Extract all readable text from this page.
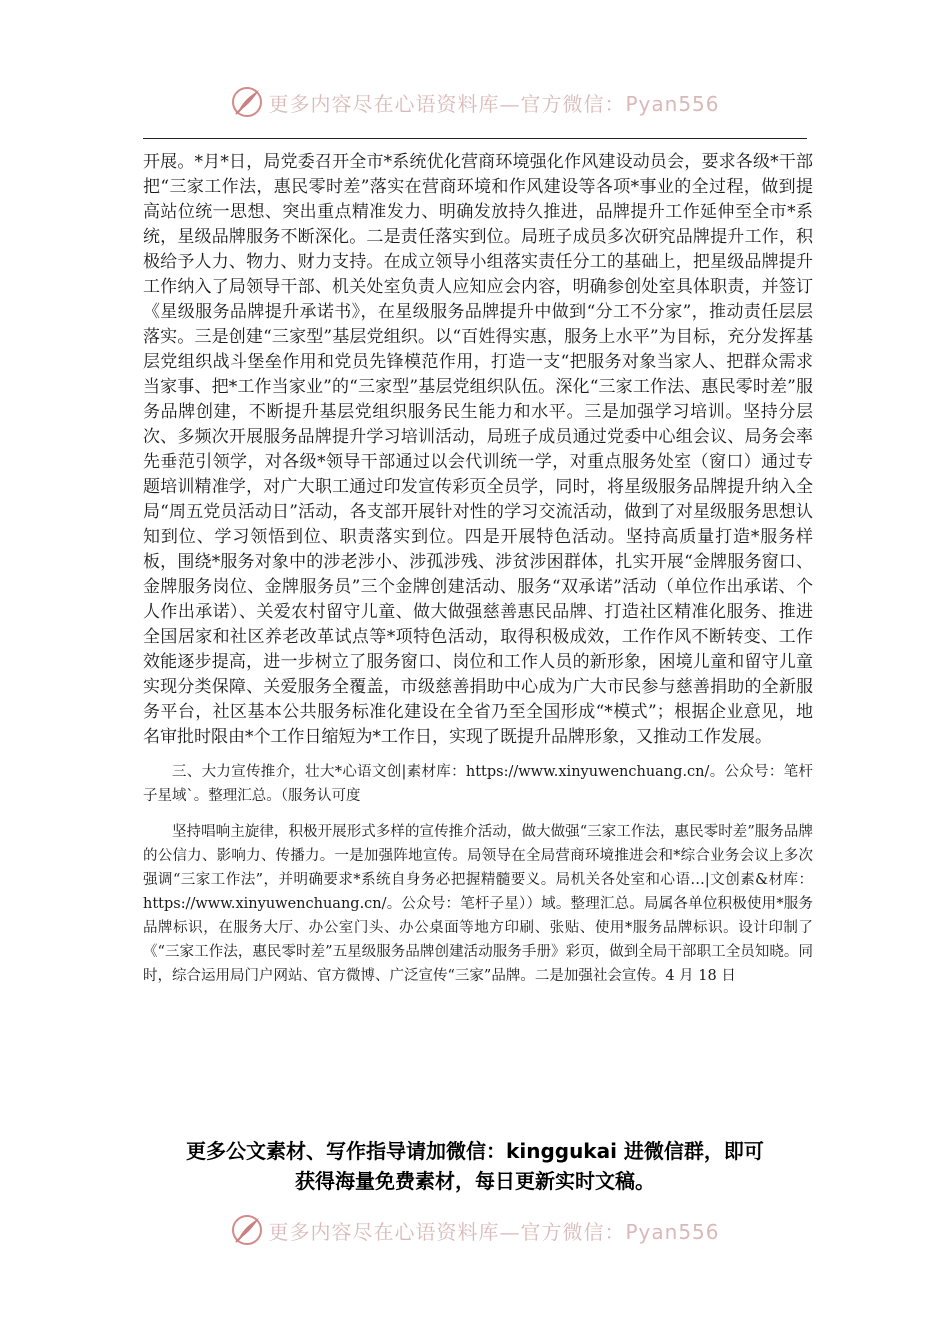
更多内容尽在心语资料库—官方微信：Pyan556

开展。*月*日，局党委召开全市*系统优化营商环境强化作风建设动员会，要求各级*干部把“三家工作法，惠民零时差”落实在营商环境和作风建设等各项*事业的全过程，做到提高站位统一思想、突出重点精准发力、明确发放持久推进，品牌提升工作延伸至全市*系统，星级品牌服务不断深化。二是责任落实到位。局班子成员多次研究品牌提升工作，积极给予人力、物力、财力支持。在成立领导小组落实责任分工的基础上，把星级品牌提升工作纳入了局领导干部、机关处室负责人应知应会内容，明确参创处室具体职责，并签订《星级服务品牌提升承诺书》，在星级服务品牌提升中做到“分工不分家”，推动责任层层落实。三是创建“三家型”基层党组织。以“百姓得实惠，服务上水平”为目标，充分发挥基层党组织战斗堡垒作用和党员先锋模范作用，打造一支“把服务对象当家人、把群众需求当家事、把*工作当家业”的“三家型”基层党组织队伍。深化“三家工作法、惠民零时差”服务品牌创建，不断提升基层党组织服务民生能力和水平。三是加强学习培训。坚持分层次、多频次开展服务品牌提升学习培训活动，局班子成员通过党委中心组会议、局务会率先垂范引领学，对各级*领导干部通过以会代训统一学，对重点服务处室（窗口）通过专题培训精准学，对广大职工通过印发宣传彩页全员学，同时，将星级服务品牌提升纳入全局“周五党员活动日”活动，各支部开展针对性的学习交流活动，做到了对星级服务思想认知到位、学习领悟到位、职责落实到位。四是开展特色活动。坚持高质量打造*服务样板，围绕*服务对象中的涉老涉小、涉孤涉残、涉贫涉困群体，扎实开展“金牌服务窗口、金牌服务岗位、金牌服务员”三个金牌创建活动、服务“双承诺”活动（单位作出承诺、个人作出承诺）、关爱农村留守儿童、做大做强慈善惠民品牌、打造社区精准化服务、推进全国居家和社区养老改革试点等*项特色活动，取得积极成效，工作作风不断转变、工作效能逐步提高，进一步树立了服务窗口、岗位和工作人员的新形象，困境儿童和留守儿童实现分类保障、关爱服务全覆盖，市级慈善捐助中心成为广大市民参与慈善捐助的全新服务平台，社区基本公共服务标准化建设在全省乃至全国形成“*模式”；根据企业意见，地名审批时限由*个工作日缩短为*工作日，实现了既提升品牌形象，又推动工作发展。

三、大力宣传推介，壮大*心语文创|素材库：https://www.xinyuwenchuang.cn/。公众号：笔杆子星域`。整理汇总。（服务认可度

坚持唱响主旋律，积极开展形式多样的宣传推介活动，做大做强“三家工作法，惠民零时差”服务品牌的公信力、影响力、传播力。一是加强阵地宣传。局领导在全局营商环境推进会和*综合业务会议上多次强调“三家工作法”，并明确要求*系统自身务必把握精髓要义。局机关各处室和心语…|文创素&材库：https://www.xinyuwenchuang.cn/。公众号：笔杆子星））域。整理汇总。局属各单位积极使用*服务品牌标识，在服务大厅、办公室门头、办公桌面等地方印刷、张贴、使用*服务品牌标识。设计印制了《“三家工作法，惠民零时差”五星级服务品牌创建活动服务手册》彩页，做到全局干部职工全员知晓。同时，综合运用局门户网站、官方微博、广泛宣传“三家”品牌。二是加强社会宣传。4 月 18 日

更多公文素材、写作指导请加微信：kinggukai 进微信群，即可
获得海量免费素材，每日更新实时文稿。
更多内容尽在心语资料库—官方微信：Pyan556
